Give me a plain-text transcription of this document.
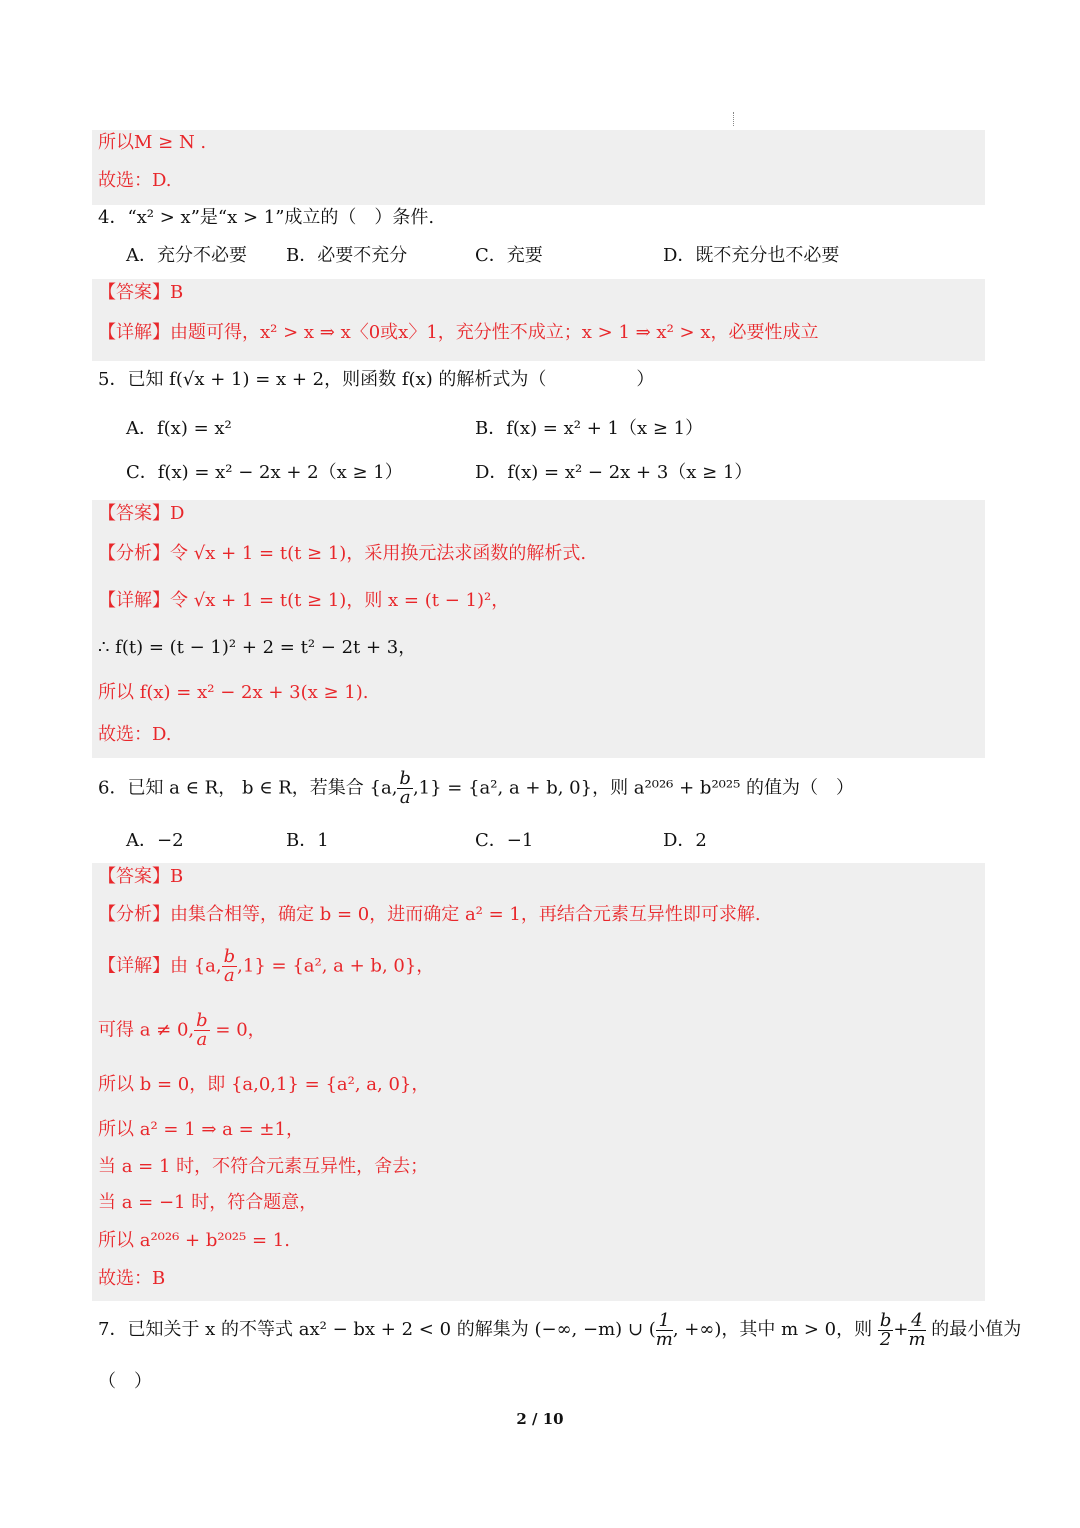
所以M ≥ N .
故选：D.
4．“x² > x”是“x > 1”成立的（　）条件.
A．充分不必要 B．必要不充分	C．充要	D．既不充分也不必要
【答案】B
【详解】由题可得，x² > x ⇒ x〈0或x〉1，充分性不成立；x > 1 ⇒ x² > x，必要性成立
5．已知 f(√x + 1) = x + 2，则函数 f(x) 的解析式为（　　　　　）
A．f(x) = x²	B．f(x) = x² + 1（x ≥ 1）
C．f(x) = x² − 2x + 2（x ≥ 1）	D．f(x) = x² − 2x + 3（x ≥ 1）
【答案】D
【分析】令 √x + 1 = t(t ≥ 1)，采用换元法求函数的解析式.
【详解】令 √x + 1 = t(t ≥ 1)，则 x = (t − 1)²，
∴ f(t) = (t − 1)² + 2 = t² − 2t + 3，
所以 f(x) = x² − 2x + 3(x ≥ 1).
故选：D.
6．已知 a ∈ R， b ∈ R，若集合 {a, $\frac{b}{a} ,1\} = \{a^2$, a + b, 0}，则 a²⁰²⁶ + b²⁰²⁵ 的值为（　）
A．−2	B．1	C．−1	D．2
【答案】B
【分析】由集合相等，确定 b = 0，进而确定 a² = 1，再结合元素互异性即可求解.
【详解】由 {a, $\frac{b}{a} ,1\} = \{a^2$, a + b, 0}，
可得 a ≠ 0, $\frac{b}{a} = 0$，
所以 b = 0，即 {a,0,1} = {a², a, 0}，
所以 a² = 1 ⇒ a = ±1，
当 a = 1 时，不符合元素互异性，舍去；
当 a = −1 时，符合题意，
所以 a²⁰²⁶ + b²⁰²⁵ = 1.
故选：B
7．已知关于 x 的不等式 ax² − bx + 2 < 0 的解集为 (−∞, −m) ∪ ( $\frac{1}{m}$ , +∞)，其中 m > 0，则 $\frac{b}{2} + \frac{4}{m}$ 的最小值为
（　）
2 / 10
